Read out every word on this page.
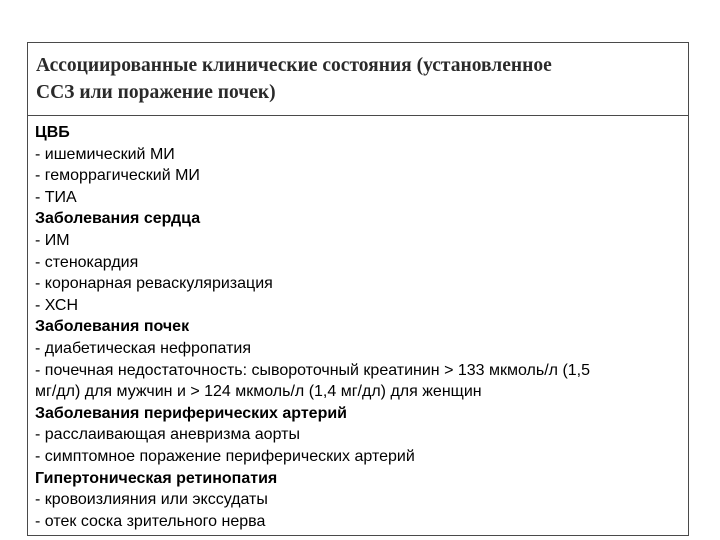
Ассоциированные клинические состояния (установленное
ССЗ или поражение почек)
ЦВБ
- ишемический МИ
- геморрагический МИ
- ТИА
Заболевания сердца
- ИМ
- стенокардия
- коронарная реваскуляризация
- ХСН
Заболевания почек
- диабетическая нефропатия
- почечная недостаточность: сывороточный креатинин > 133 мкмоль/л (1,5
мг/дл) для мужчин и > 124 мкмоль/л (1,4 мг/дл) для женщин
Заболевания периферических артерий
- расслаивающая аневризма аорты
- симптомное поражение периферических артерий
Гипертоническая ретинопатия
- кровоизлияния или экссудаты
- отек соска зрительного нерва
